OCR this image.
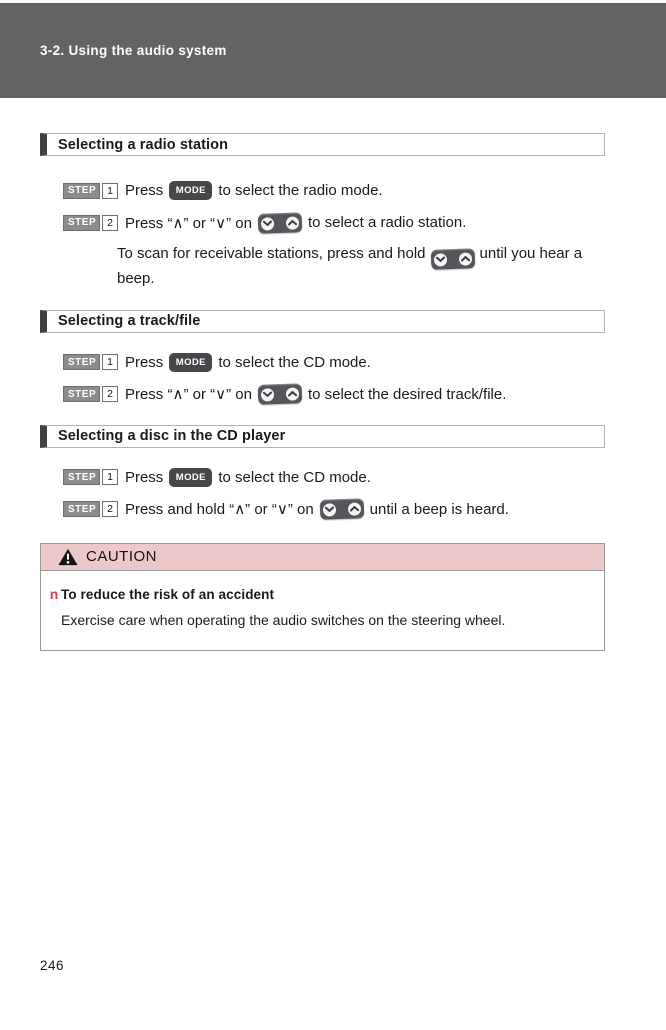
3-2. Using the audio system
Selecting a radio station
STEP	1 Press	MODE to select the radio mode.
STEP	2 Press “∧” or “∨” on	to select a radio station.

To scan for receivable stations, press and hold	until you hear a beep.

Selecting a track/file
STEP	1 Press	MODE to select the CD mode.
STEP	2 Press “∧” or “∨” on	to select the desired track/file.
Selecting a disc in the CD player
STEP	1 Press	MODE to select the CD mode.
STEP	2 Press and hold “∧” or “∨” on	until a beep is heard.
CAUTION
n To reduce the risk of an accident

Exercise care when operating the audio switches on the steering wheel.

246
